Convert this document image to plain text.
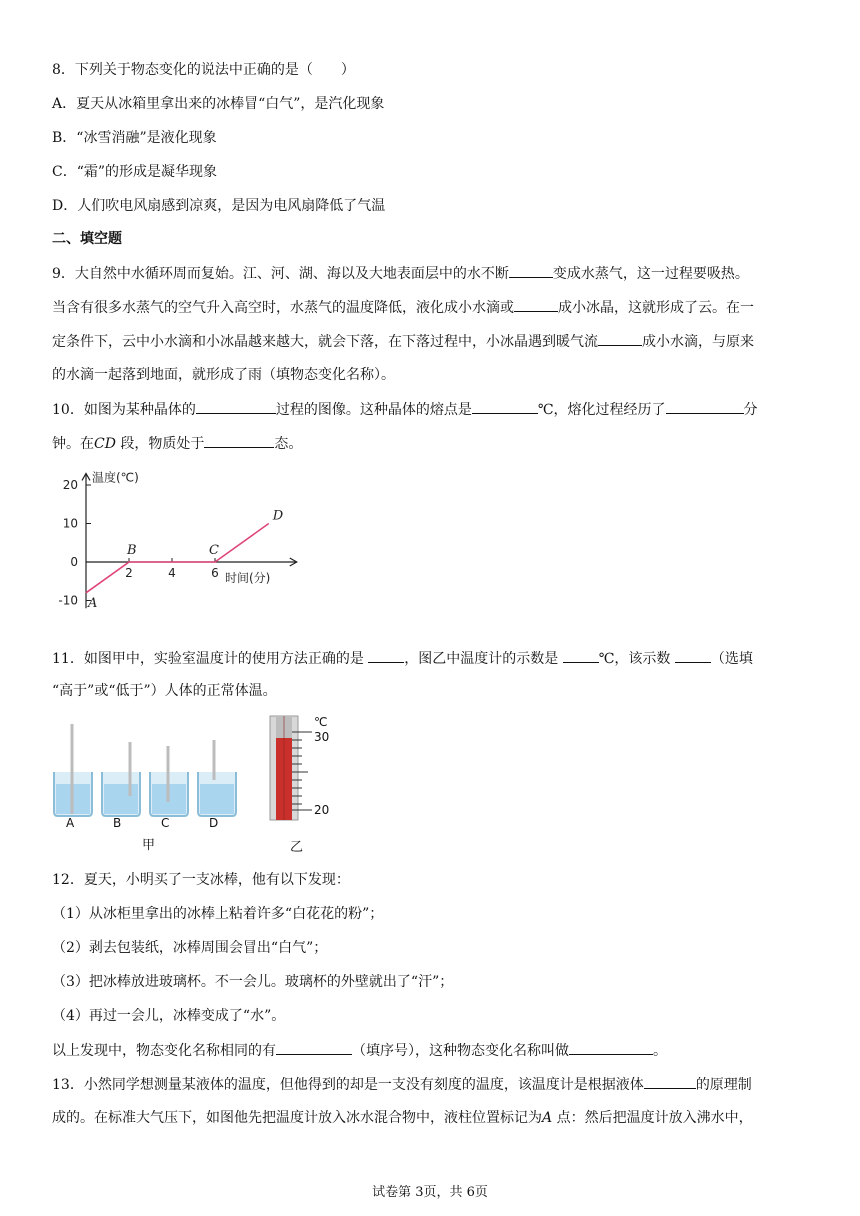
8．下列关于物态变化的说法中正确的是（　　）
A．夏天从冰箱里拿出来的冰棒冒“白气”，是汽化现象
B．“冰雪消融”是液化现象
C．“霜”的形成是凝华现象
D．人们吹电风扇感到凉爽，是因为电风扇降低了气温
二、填空题
9．大自然中水循环周而复始。江、河、湖、海以及大地表面层中的水不断	变成水蒸气，这一过程要吸热。
当含有很多水蒸气的空气升入高空时，水蒸气的温度降低，液化成小水滴或	成小冰晶，这就形成了云。在一
定条件下，云中小水滴和小冰晶越来越大，就会下落，在下落过程中，小冰晶遇到暖气流	成小水滴，与原来
的水滴一起落到地面，就形成了雨（填物态变化名称）。
10．如图为某种晶体的	过程的图像。这种晶体的熔点是	℃，熔化过程经历了	分
钟。在CD 段，物质处于	态。
温度(℃)
时间(分)
20
10
0
-10
2	4	6
A
B	C
D
11．如图甲中，实验室温度计的使用方法正确的是	，图乙中温度计的示数是	℃，该示数	（选填
“高于”或“低于”）人体的正常体温。
A	B	C	D
甲
℃
30
20
乙
12．夏天，小明买了一支冰棒，他有以下发现：
（1）从冰柜里拿出的冰棒上粘着许多“白花花的粉”；
（2）剥去包装纸，冰棒周围会冒出“白气”；
（3）把冰棒放进玻璃杯。不一会儿。玻璃杯的外壁就出了“汗”；
（4）再过一会儿，冰棒变成了“水”。
以上发现中，物态变化名称相同的有	（填序号），这种物态变化名称叫做	。
13．小然同学想测量某液体的温度，但他得到的却是一支没有刻度的温度，该温度计是根据液体	的原理制
成的。在标准大气压下，如图他先把温度计放入冰水混合物中，液柱位置标记为A 点：然后把温度计放入沸水中，
试卷第 3页，共 6页
